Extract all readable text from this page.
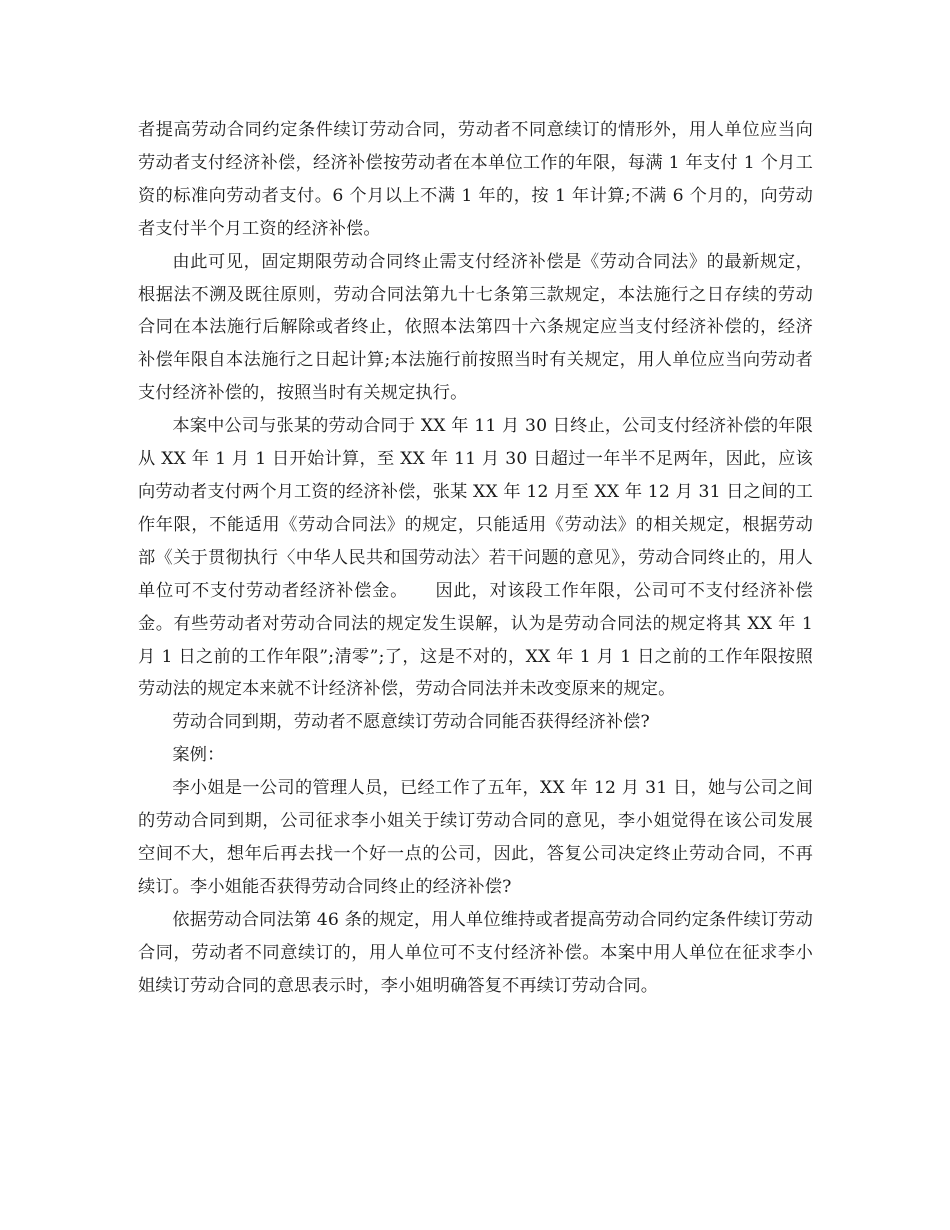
者提高劳动合同约定条件续订劳动合同，劳动者不同意续订的情形外，用人单位应当向劳动者支付经济补偿，经济补偿按劳动者在本单位工作的年限，每满 1 年支付 1 个月工资的标准向劳动者支付。6 个月以上不满 1 年的，按 1 年计算;不满 6 个月的，向劳动者支付半个月工资的经济补偿。

由此可见，固定期限劳动合同终止需支付经济补偿是《劳动合同法》的最新规定，根据法不溯及既往原则，劳动合同法第九十七条第三款规定，本法施行之日存续的劳动合同在本法施行后解除或者终止，依照本法第四十六条规定应当支付经济补偿的，经济补偿年限自本法施行之日起计算;本法施行前按照当时有关规定，用人单位应当向劳动者支付经济补偿的，按照当时有关规定执行。

本案中公司与张某的劳动合同于 XX 年 11 月 30 日终止，公司支付经济补偿的年限从 XX 年 1 月 1 日开始计算，至 XX 年 11 月 30 日超过一年半不足两年，因此，应该向劳动者支付两个月工资的经济补偿，张某 XX 年 12 月至 XX 年 12 月 31 日之间的工作年限，不能适用《劳动合同法》的规定，只能适用《劳动法》的相关规定，根据劳动部《关于贯彻执行〈中华人民共和国劳动法〉若干问题的意见》，劳动合同终止的，用人单位可不支付劳动者经济补偿金。　　因此，对该段工作年限，公司可不支付经济补偿金。有些劳动者对劳动合同法的规定发生误解，认为是劳动合同法的规定将其 XX 年 1 月 1 日之前的工作年限”;清零”;了，这是不对的，XX 年 1 月 1 日之前的工作年限按照劳动法的规定本来就不计经济补偿，劳动合同法并未改变原来的规定。

劳动合同到期，劳动者不愿意续订劳动合同能否获得经济补偿?

案例：

李小姐是一公司的管理人员，已经工作了五年，XX 年 12 月 31 日，她与公司之间的劳动合同到期，公司征求李小姐关于续订劳动合同的意见，李小姐觉得在该公司发展空间不大，想年后再去找一个好一点的公司，因此，答复公司决定终止劳动合同，不再续订。李小姐能否获得劳动合同终止的经济补偿?

依据劳动合同法第 46 条的规定，用人单位维持或者提高劳动合同约定条件续订劳动合同，劳动者不同意续订的，用人单位可不支付经济补偿。本案中用人单位在征求李小姐续订劳动合同的意思表示时，李小姐明确答复不再续订劳动合同。
